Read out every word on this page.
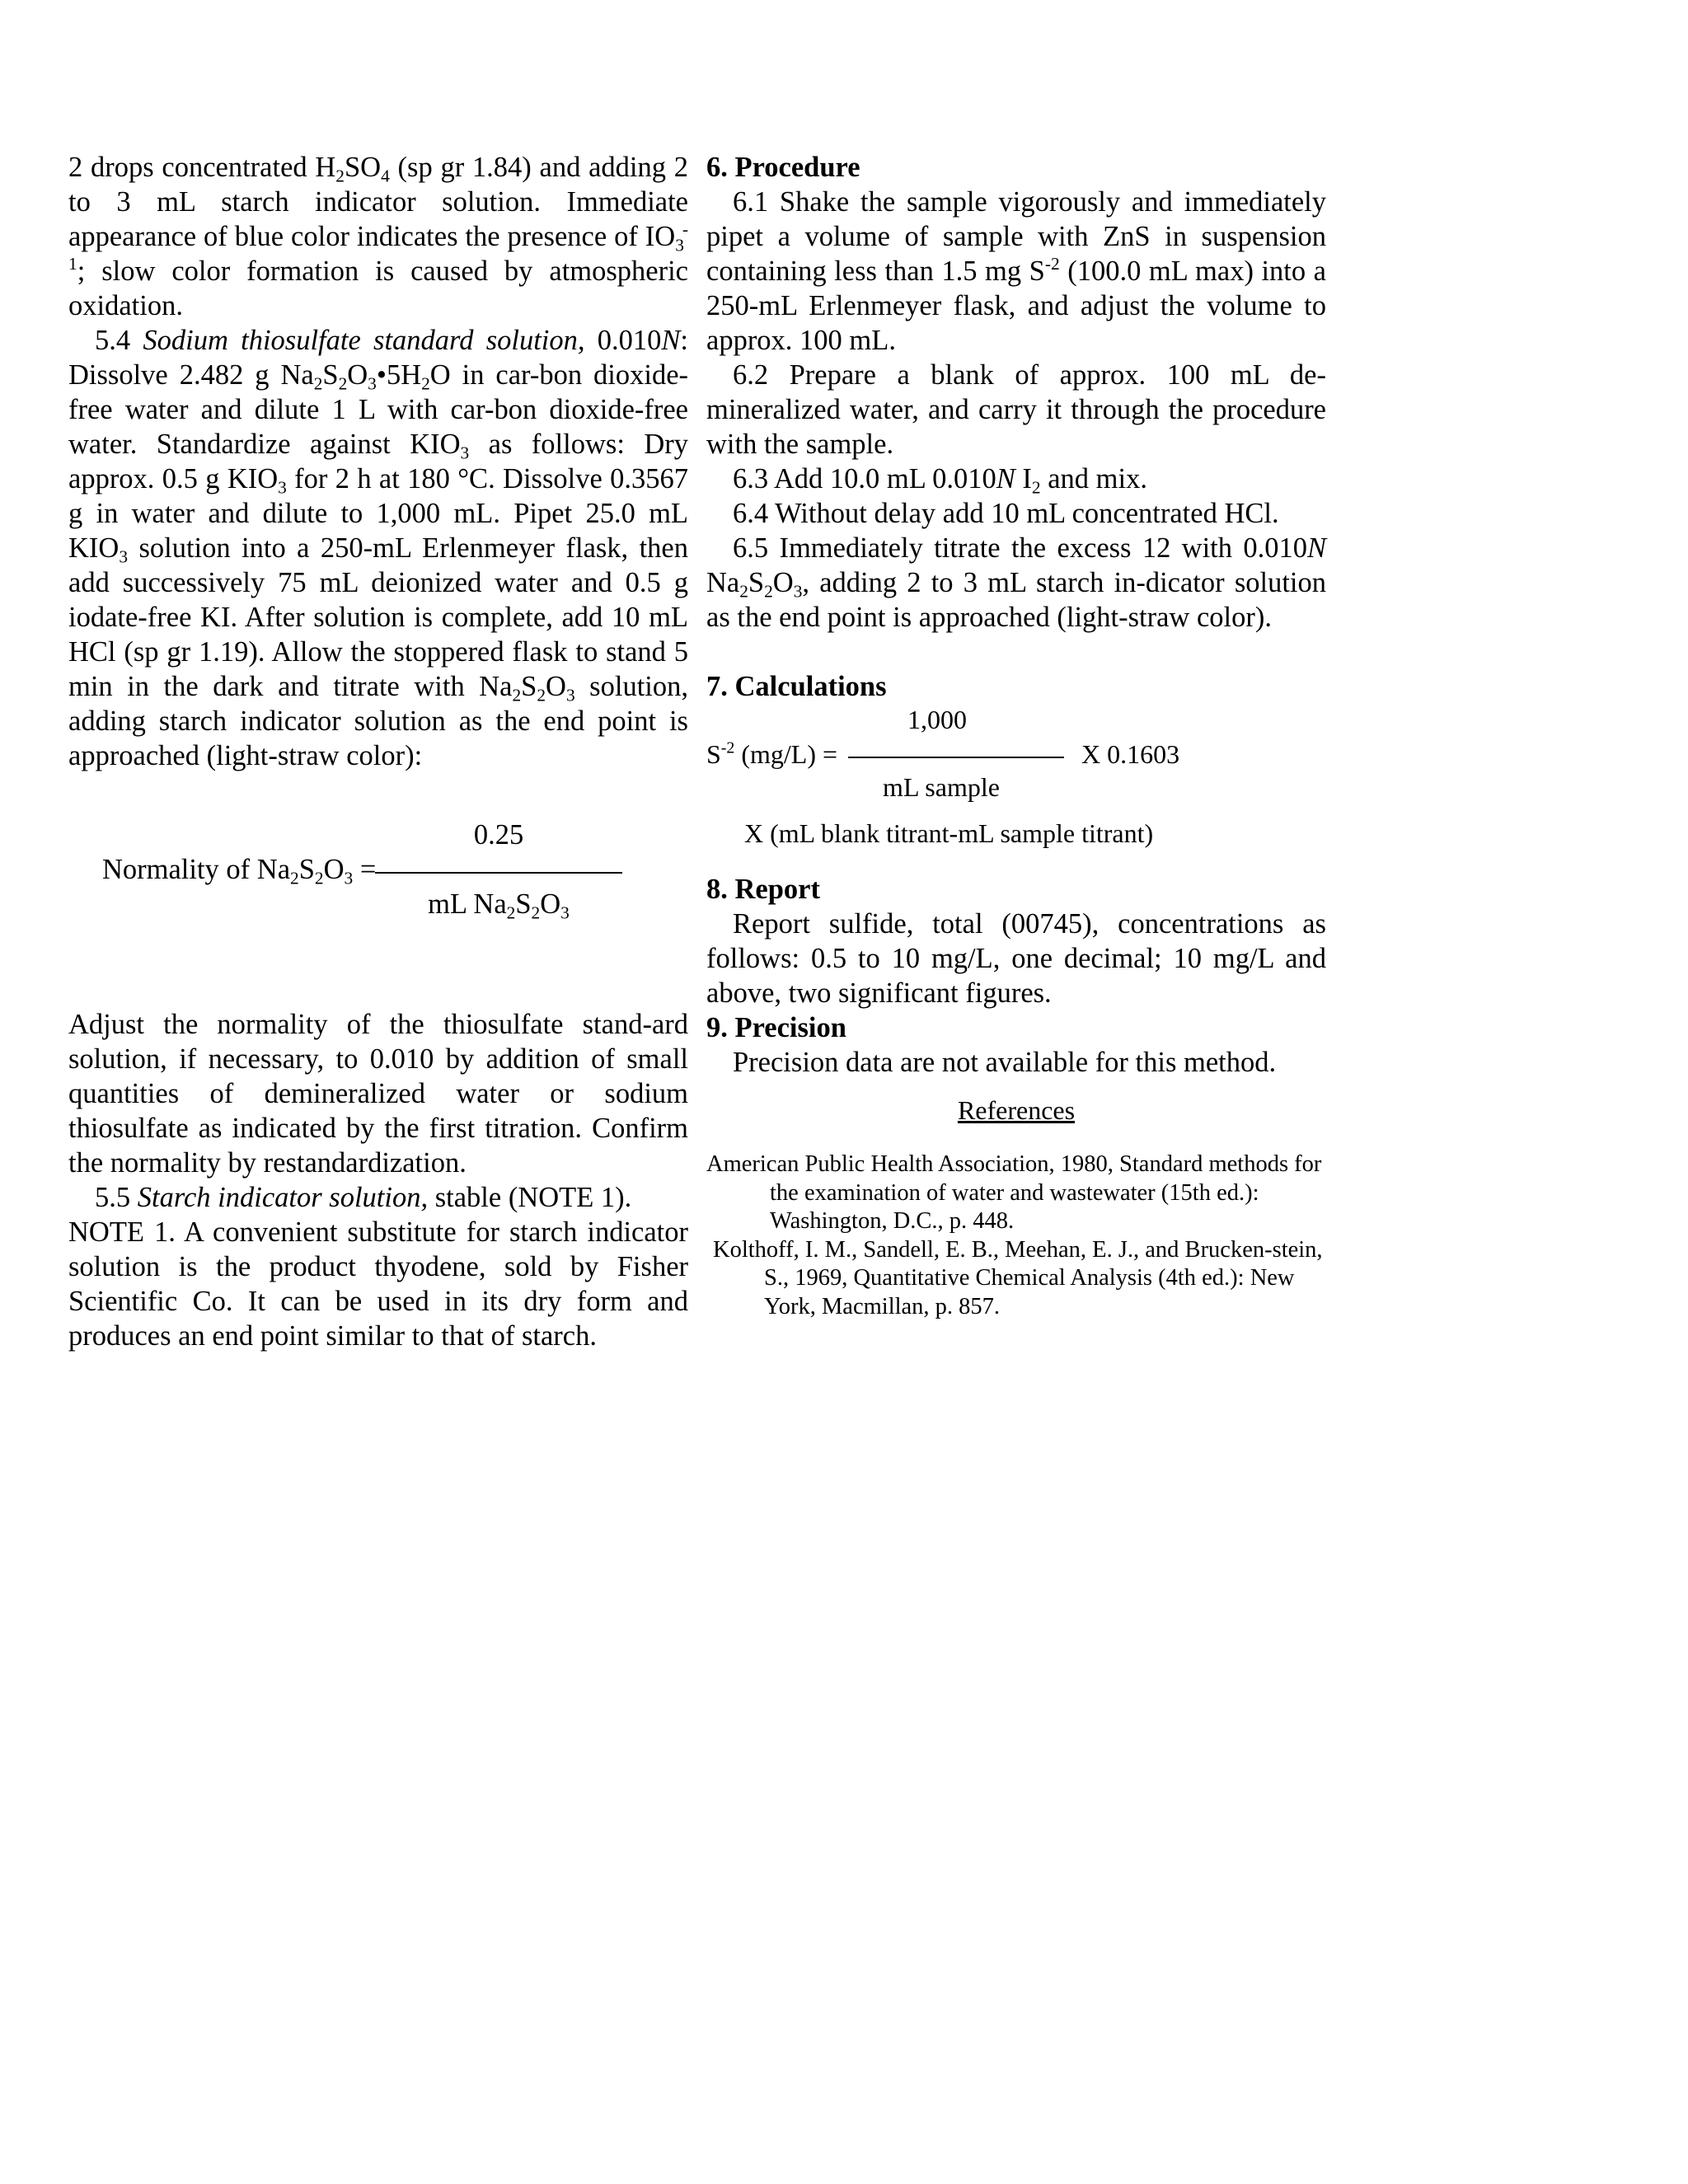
2 drops concentrated $H_2SO_4$ (sp gr 1.84) and adding 2 to 3 mL starch indicator solution. Immediate appearance of blue color indicates the presence of $IO_3^{-1}$; slow color formation is caused by atmospheric oxidation.

5.4 Sodium thiosulfate standard solution, 0.010N: Dissolve 2.482 g $Na_2S_2O_3•5H_2O$ in car-bon dioxide-free water and dilute 1 L with car-bon dioxide-free water. Standardize against $KIO_3$ as follows: Dry approx. 0.5 g $KIO_3$ for 2 h at 180 °C. Dissolve 0.3567 g in water and dilute to 1,000 mL. Pipet 25.0 mL $KIO_3$ solution into a 250-mL Erlenmeyer flask, then add successively 75 mL deionized water and 0.5 g iodate-free KI. After solution is complete, add 10 mL HCl (sp gr 1.19). Allow the stoppered flask to stand 5 min in the dark and titrate with $Na_2S_2O_3$ solution, adding starch indicator solution as the end point is approached (light-straw color):

Normality of $Na_2S_2O_3$ =
0.25
mL $Na_2S_2O_3$

Adjust the normality of the thiosulfate stand-ard solution, if necessary, to 0.010 by addition of small quantities of demineralized water or sodium thiosulfate as indicated by the first titration. Confirm the normality by restandardization.

5.5 Starch indicator solution, stable (NOTE 1).

NOTE 1. A convenient substitute for starch indicator solution is the product thyodene, sold by Fisher Scientific Co. It can be used in its dry form and produces an end point similar to that of starch.

6. Procedure

6.1 Shake the sample vigorously and immediately pipet a volume of sample with ZnS in suspension containing less than 1.5 mg $S^{-2}$ (100.0 mL max) into a 250-mL Erlenmeyer flask, and adjust the volume to approx. 100 mL.

6.2 Prepare a blank of approx. 100 mL de-mineralized water, and carry it through the procedure with the sample.

6.3 Add 10.0 mL 0.010N $I_2$ and mix.

6.4 Without delay add 10 mL concentrated HCl.

6.5 Immediately titrate the excess 12 with 0.010N $Na_2S_2O_3$, adding 2 to 3 mL starch in-dicator solution as the end point is approached (light-straw color).

7. Calculations

1,000
$S^{-2}$ (mg/L) =	X 0.1603
mL sample
X (mL blank titrant-mL sample titrant)

8. Report

Report sulfide, total (00745), concentrations as follows: 0.5 to 10 mg/L, one decimal; 10 mg/L and above, two significant figures.

9. Precision

Precision data are not available for this method.

References

American Public Health Association, 1980, Standard methods for the examination of water and wastewater (15th ed.): Washington, D.C., p. 448.

Kolthoff, I. M., Sandell, E. B., Meehan, E. J., and Brucken-stein, S., 1969, Quantitative Chemical Analysis (4th ed.): New York, Macmillan, p. 857.
